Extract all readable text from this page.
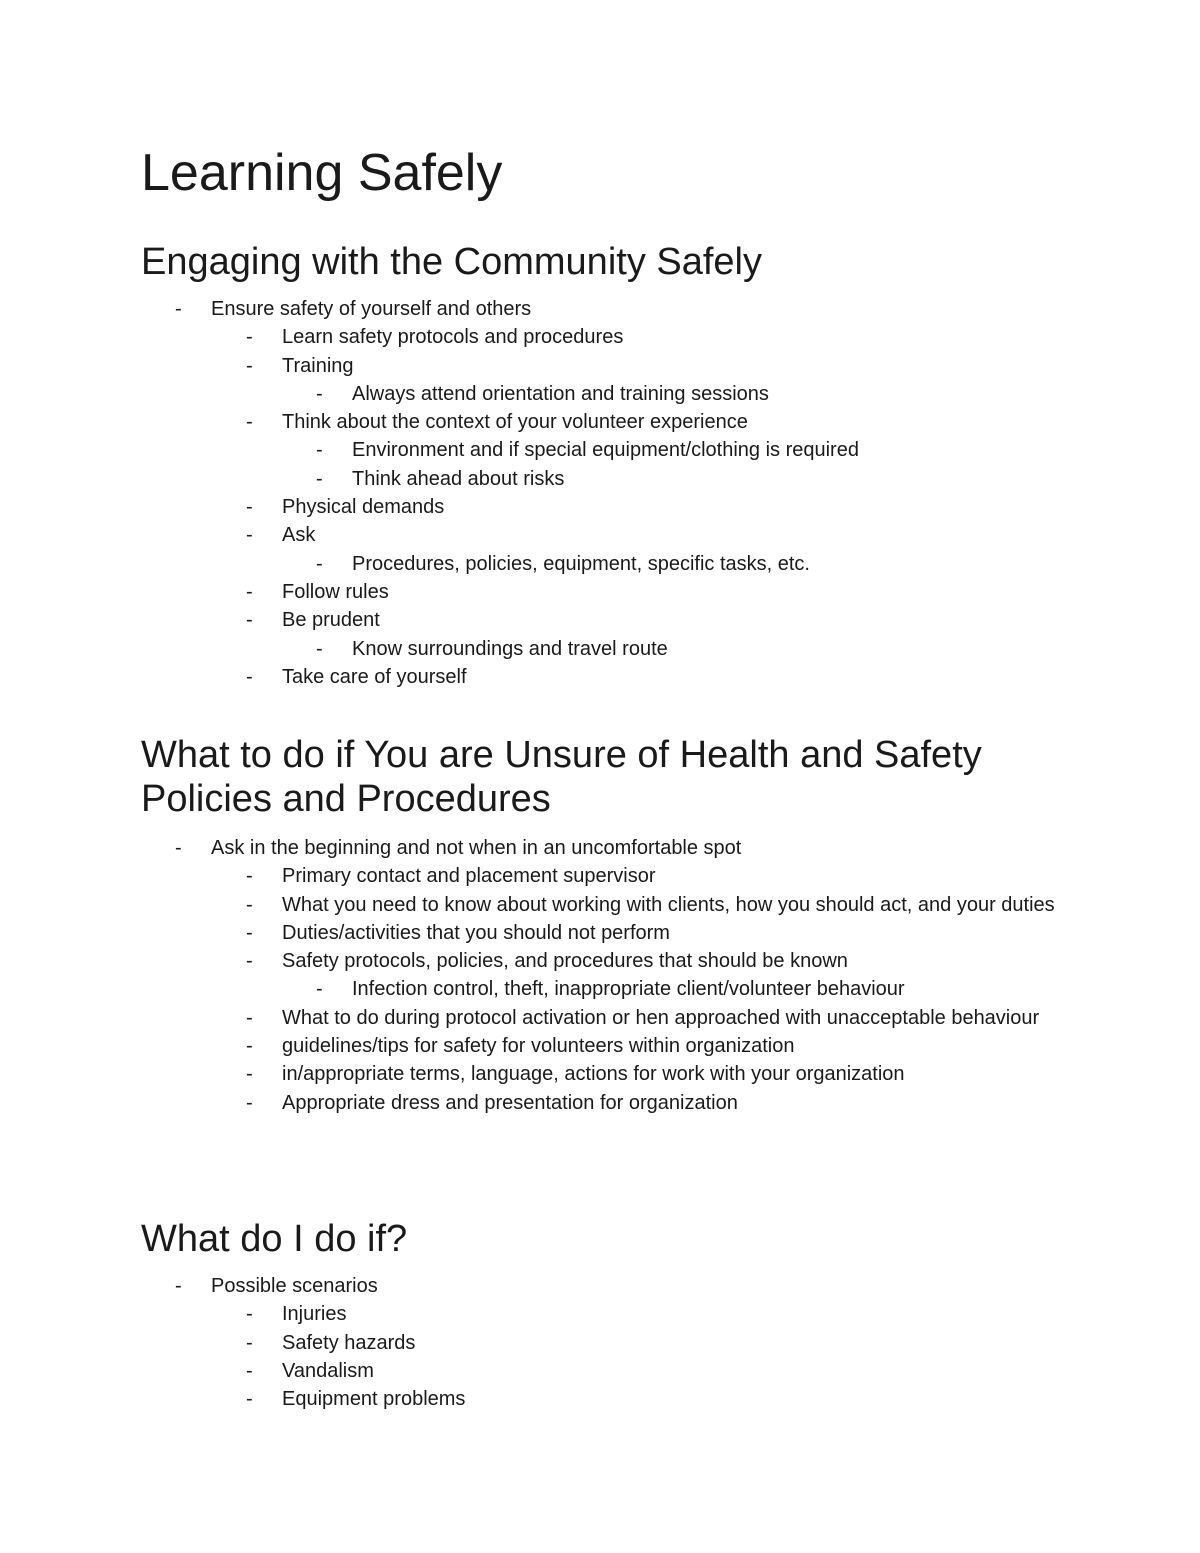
Learning Safely
Engaging with the Community Safely
- Ensure safety of yourself and others
- Learn safety protocols and procedures
- Training
- Always attend orientation and training sessions
- Think about the context of your volunteer experience
- Environment and if special equipment/clothing is required
- Think ahead about risks
- Physical demands
- Ask
- Procedures, policies, equipment, specific tasks, etc.
- Follow rules
- Be prudent
- Know surroundings and travel route
- Take care of yourself
What to do if You are Unsure of Health and Safety Policies and Procedures
- Ask in the beginning and not when in an uncomfortable spot
- Primary contact and placement supervisor
- What you need to know about working with clients, how you should act, and your duties
- Duties/activities that you should not perform
- Safety protocols, policies, and procedures that should be known
- Infection control, theft, inappropriate client/volunteer behaviour
- What to do during protocol activation or hen approached with unacceptable behaviour
- guidelines/tips for safety for volunteers within organization
- in/appropriate terms, language, actions for work with your organization
- Appropriate dress and presentation for organization
What do I do if?
- Possible scenarios
- Injuries
- Safety hazards
- Vandalism
- Equipment problems
